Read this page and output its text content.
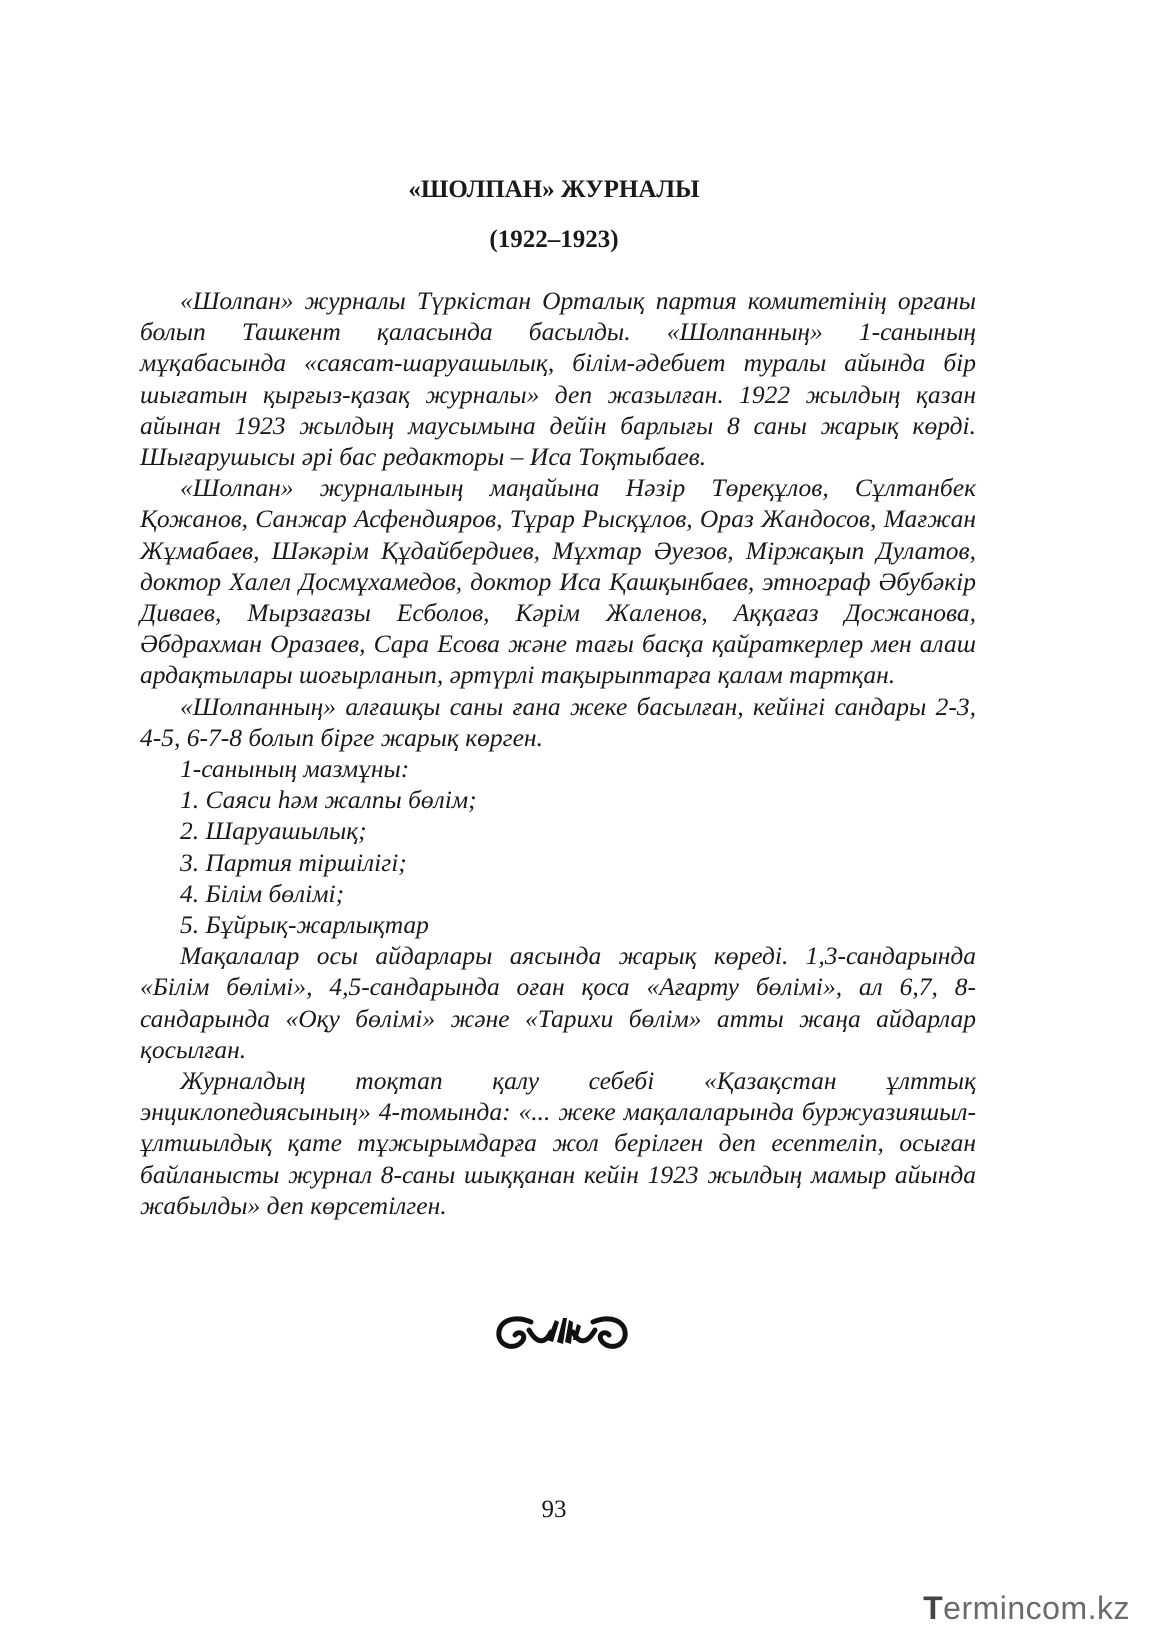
«ШОЛПАН» ЖУРНАЛЫ
(1922–1923)

«Шолпан» журналы Түркістан Орталық партия комитетінің органы болып Ташкент қаласында басылды. «Шолпанның» 1-санының мұқабасында «саясат-шаруашылық, білім-әдебиет туралы айында бір шығатын қырғыз-қазақ журналы» деп жазылған. 1922 жылдың қазан айынан 1923 жылдың маусымына дейін барлығы 8 саны жарық көрді. Шығарушысы әрі бас редакторы – Иса Тоқтыбаев.

«Шолпан» журналының маңайына Нәзір Төреқұлов, Сұлтанбек Қожанов, Санжар Асфендияров, Тұрар Рысқұлов, Ораз Жандосов, Мағжан Жұмабаев, Шәкәрім Құдайбердиев, Мұхтар Әуезов, Міржақып Дулатов, доктор Халел Досмұхамедов, доктор Иса Қашқынбаев, этнограф Әбубәкір Диваев, Мырзағазы Есболов, Кәрім Жаленов, Аққағаз Досжанова, Әбдрахман Оразаев, Сара Есова және тағы басқа қайраткерлер мен алаш ардақтылары шоғырланып, әртүрлі тақырыптарға қалам тартқан.

«Шолпанның» алғашқы саны ғана жеке басылған, кейінгі сандары 2-3, 4-5, 6-7-8 болып бірге жарық көрген.

1-санының мазмұны:

1. Саяси һәм жалпы бөлім;

2. Шаруашылық;

3. Партия тіршілігі;

4. Білім бөлімі;

5. Бұйрық-жарлықтар

Мақалалар осы айдарлары аясында жарық көреді. 1,3-сандарында «Білім бөлімі», 4,5-сандарында оған қоса «Ағарту бөлімі», ал 6,7, 8-сандарында «Оқу бөлімі» және «Тарихи бөлім» атты жаңа айдарлар қосылған.

Журналдың тоқтап қалу себебі «Қазақстан ұлттық энциклопедиясының» 4-томында: «... жеке мақалаларында буржуазияшыл-ұлтшылдық қате тұжырымдарға жол берілген деп есептеліп, осыған байланысты журнал 8-саны шыққанан кейін 1923 жылдың мамыр айында жабылды» деп көрсетілген.

93
Termincom.kz
